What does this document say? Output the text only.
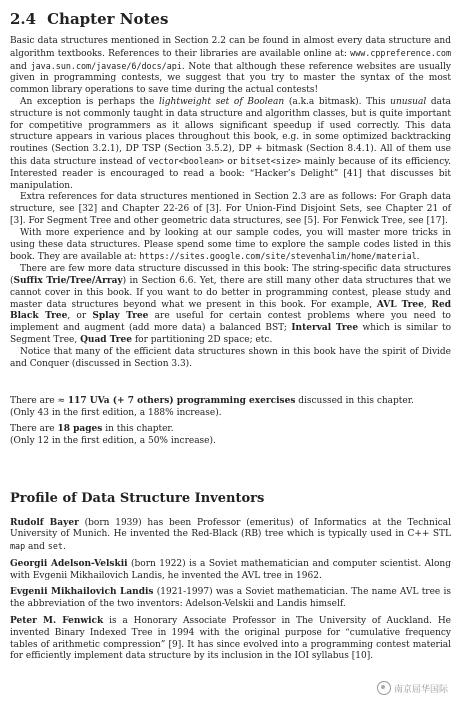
2.4 Chapter Notes

Basic data structures mentioned in Section 2.2 can be found in almost every data structure and algorithm textbooks. References to their libraries are available online at: www.cppreference.com and java.sun.com/javase/6/docs/api. Note that although these reference websites are usually given in programming contests, we suggest that you try to master the syntax of the most common library operations to save time during the actual contests!

An exception is perhaps the lightweight set of Boolean (a.k.a bitmask). This unusual data structure is not commonly taught in data structure and algorithm classes, but is quite important for competitive programmers as it allows significant speedup if used correctly. This data structure appears in various places throughout this book, e.g. in some optimized backtracking routines (Section 3.2.1), DP TSP (Section 3.5.2), DP + bitmask (Section 8.4.1). All of them use this data structure instead of vector<boolean> or bitset<size> mainly because of its efficiency. Interested reader is encouraged to read a book: “Hacker’s Delight” [41] that discusses bit manipulation.

Extra references for data structures mentioned in Section 2.3 are as follows: For Graph data structure, see [32] and Chapter 22-26 of [3]. For Union-Find Disjoint Sets, see Chapter 21 of [3]. For Segment Tree and other geometric data structures, see [5]. For Fenwick Tree, see [17].

With more experience and by looking at our sample codes, you will master more tricks in using these data structures. Please spend some time to explore the sample codes listed in this book. They are available at: https://sites.google.com/site/stevenhalim/home/material.

There are few more data structure discussed in this book: The string-specific data structures (Suffix Trie/Tree/Array) in Section 6.6. Yet, there are still many other data structures that we cannot cover in this book. If you want to do better in programming contest, please study and master data structures beyond what we present in this book. For example, AVL Tree, Red Black Tree, or Splay Tree are useful for certain contest problems where you need to implement and augment (add more data) a balanced BST; Interval Tree which is similar to Segment Tree, Quad Tree for partitioning 2D space; etc.

Notice that many of the efficient data structures shown in this book have the spirit of Divide and Conquer (discussed in Section 3.3).

There are ≈ 117 UVa (+ 7 others) programming exercises discussed in this chapter.
(Only 43 in the first edition, a 188% increase).

There are 18 pages in this chapter.
(Only 12 in the first edition, a 50% increase).

Profile of Data Structure Inventors

Rudolf Bayer (born 1939) has been Professor (emeritus) of Informatics at the Technical University of Munich. He invented the Red-Black (RB) tree which is typically used in C++ STL map and set.

Georgii Adelson-Velskii (born 1922) is a Soviet mathematician and computer scientist. Along with Evgenii Mikhailovich Landis, he invented the AVL tree in 1962.

Evgenii Mikhailovich Landis (1921-1997) was a Soviet mathematician. The name AVL tree is the abbreviation of the two inventors: Adelson-Velskii and Landis himself.

Peter M. Fenwick is a Honorary Associate Professor in The University of Auckland. He invented Binary Indexed Tree in 1994 with the original purpose for “cumulative frequency tables of arithmetic compression” [9]. It has since evolved into a programming contest material for efficiently implement data structure by its inclusion in the IOI syllabus [10].

南京屈华国际
